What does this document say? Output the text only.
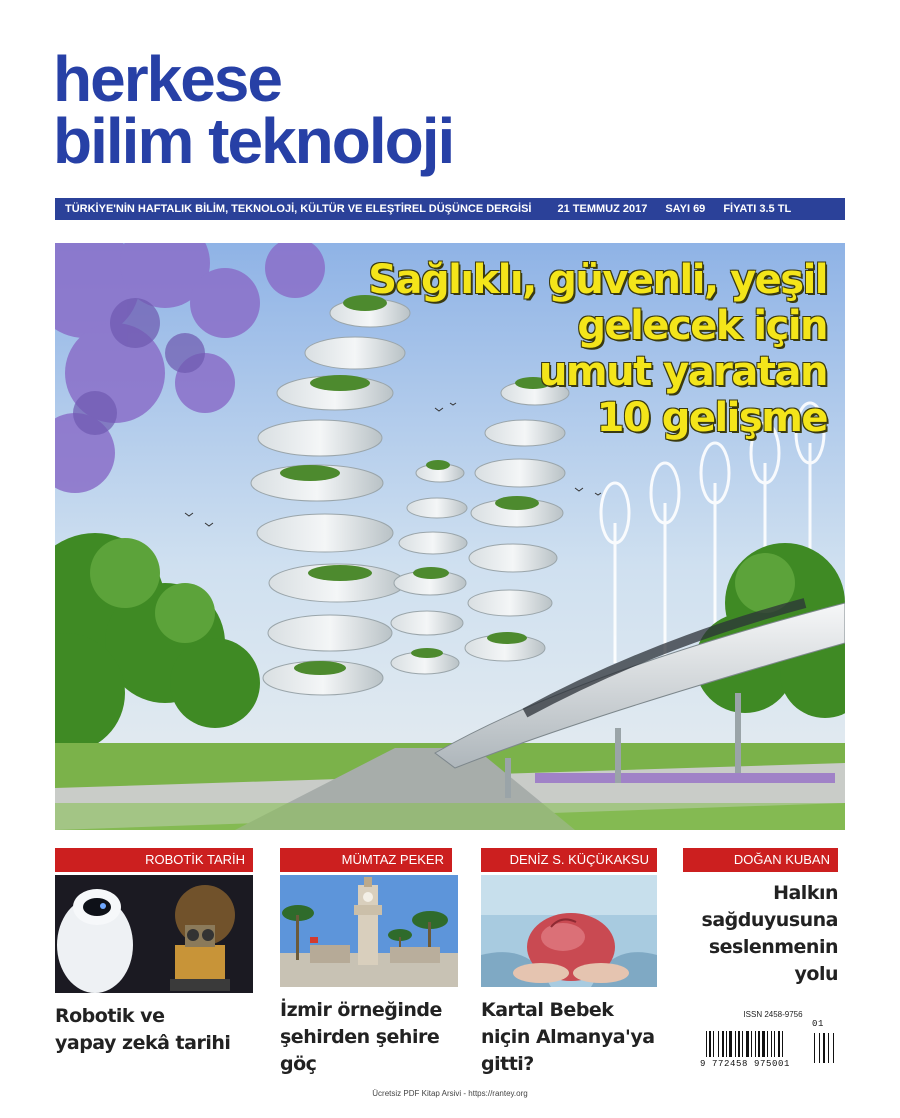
herkese
bilim teknoloji
TÜRKİYE'NİN HAFTALIK BİLİM, TEKNOLOJİ, KÜLTÜR VE ELEŞTİREL DÜŞÜNCE DERGİSİ 21 TEMMUZ 2017 SAYI 69 FİYATI 3.5 TL
Sağlıklı, güvenli, yeşil
gelecek için
umut yaratan
10 gelişme
ROBOTİK TARİH
Robotik ve
yapay zekâ tarihi
MÜMTAZ PEKER
İzmir örneğinde
şehirden şehire
göç
DENİZ S. KÜÇÜKAKSU
Kartal Bebek
niçin Almanya'ya
gitti?
DOĞAN KUBAN
Halkın
sağduyusuna
seslenmenin
yolu
ISSN 2458-9756
9 772458 975001
01
Ücretsiz PDF Kitap Arsivi - https://rantey.org
